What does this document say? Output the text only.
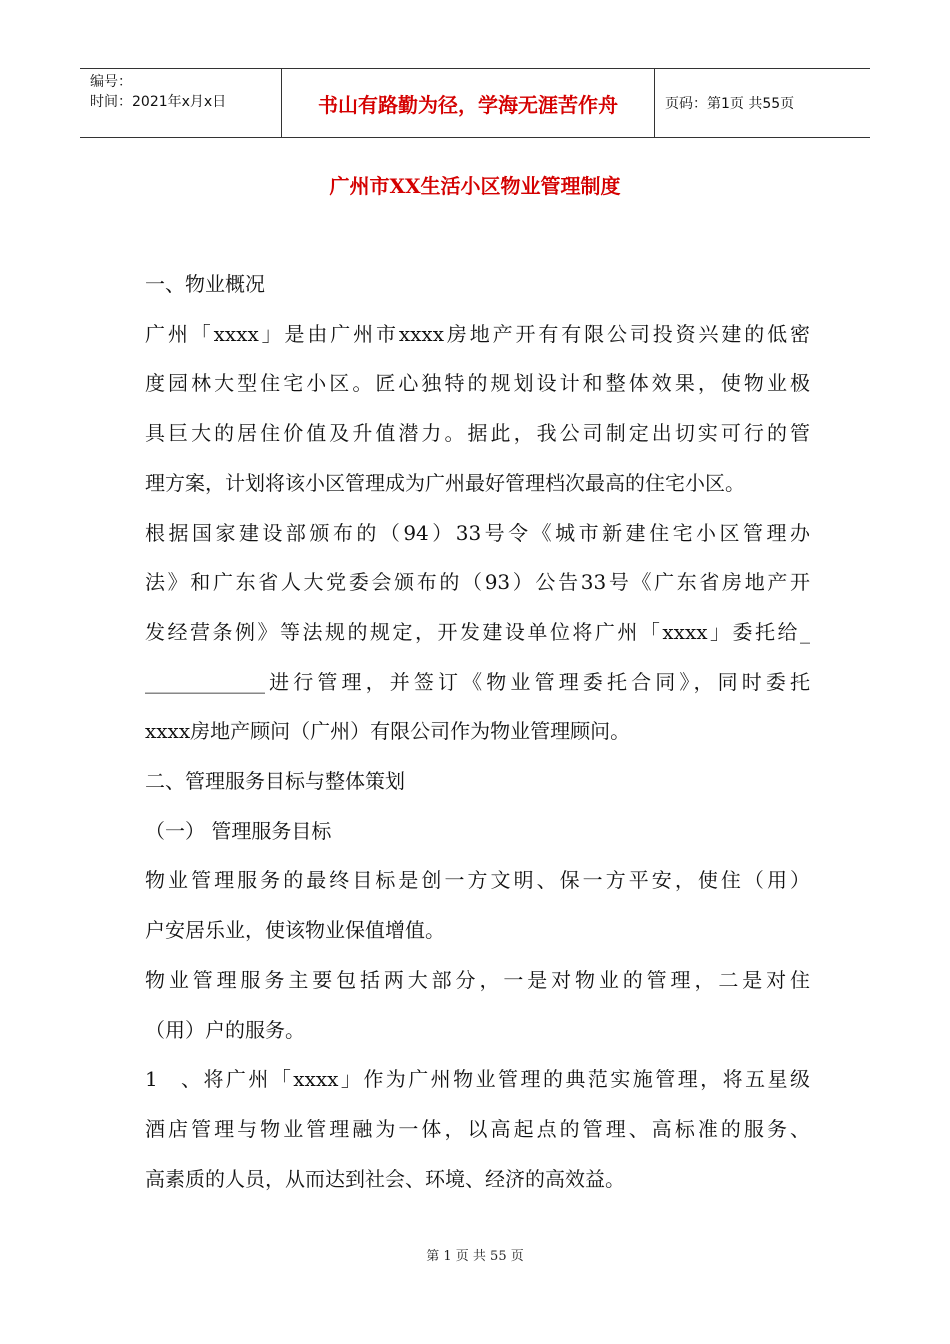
编号：
时间：2021年x月x日	书山有路勤为径，学海无涯苦作舟	页码：第1页 共55页
广州市XX生活小区物业管理制度

一、物业概况

广州「xxxx」是由广州市xxxx房地产开有有限公司投资兴建的低密
度园林大型住宅小区。匠心独特的规划设计和整体效果，使物业极
具巨大的居住价值及升值潜力。据此，我公司制定出切实可行的管
理方案，计划将该小区管理成为广州最好管理档次最高的住宅小区。
根据国家建设部颁布的（94）33号令《城市新建住宅小区管理办
法》和广东省人大党委会颁布的（93）公告33号《广东省房地产开
发经营条例》等法规的规定，开发建设单位将广州「xxxx」委托给_
____________进行管理，并签订《物业管理委托合同》，同时委托
xxxx房地产顾问（广州）有限公司作为物业管理顾问。

二、管理服务目标与整体策划

（一） 管理服务目标

物业管理服务的最终目标是创一方文明、保一方平安，使住（用）
户安居乐业，使该物业保值增值。
物业管理服务主要包括两大部分，一是对物业的管理，二是对住
（用）户的服务。
1、将广州「xxxx」作为广州物业管理的典范实施管理，将五星级
酒店管理与物业管理融为一体，以高起点的管理、高标准的服务、
高素质的人员，从而达到社会、环境、经济的高效益。
第 1 页 共 55 页
